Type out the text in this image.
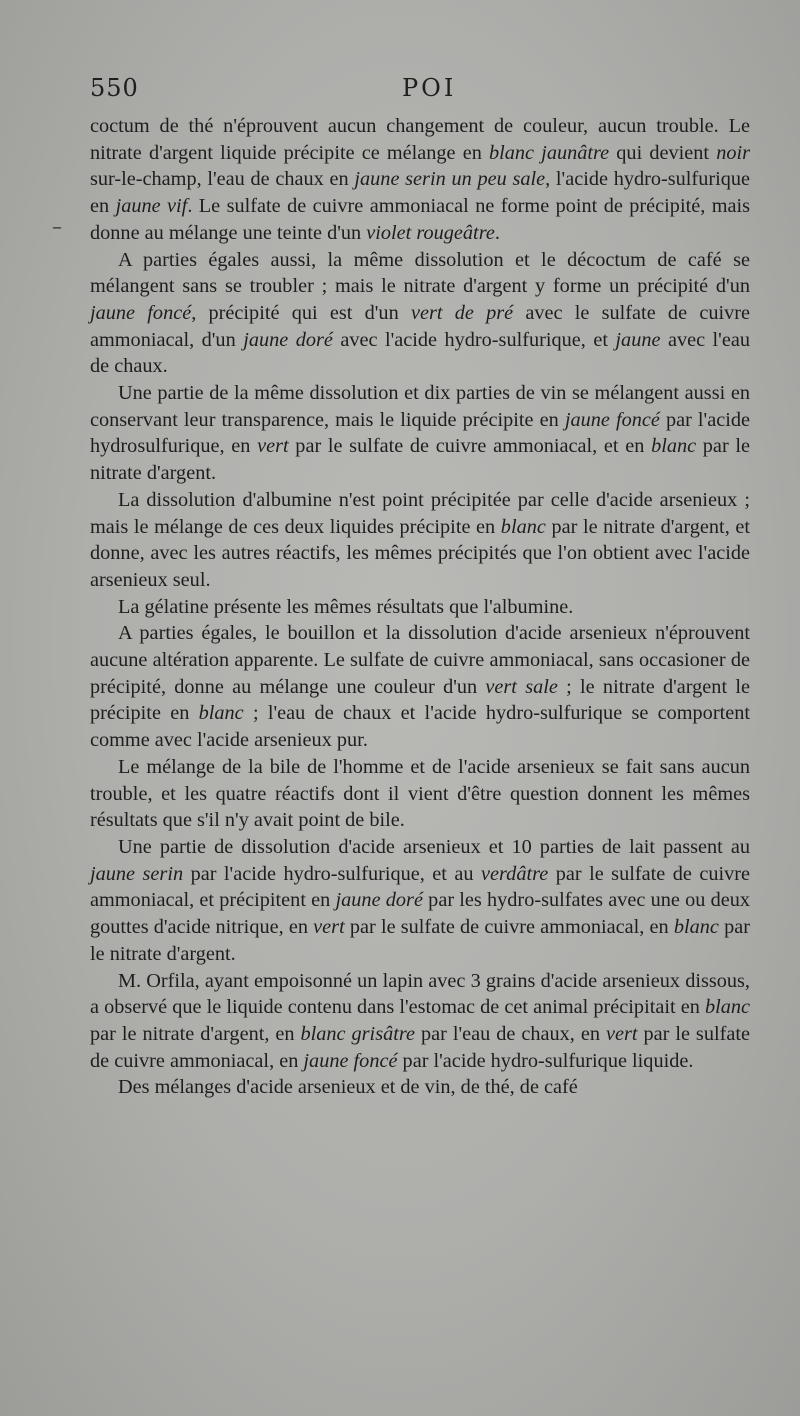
550	POI
–

coctum de thé n'éprouvent aucun changement de couleur, aucun trouble. Le nitrate d'argent liquide précipite ce mélange en blanc jaunâtre qui devient noir sur-le-champ, l'eau de chaux en jaune serin un peu sale, l'acide hydro-sulfurique en jaune vif. Le sulfate de cuivre ammoniacal ne forme point de précipité, mais donne au mélange une teinte d'un violet rougeâtre.

A parties égales aussi, la même dissolution et le décoctum de café se mélangent sans se troubler ; mais le nitrate d'argent y forme un précipité d'un jaune foncé, précipité qui est d'un vert de pré avec le sulfate de cuivre ammoniacal, d'un jaune doré avec l'acide hydro-sulfurique, et jaune avec l'eau de chaux.

Une partie de la même dissolution et dix parties de vin se mélangent aussi en conservant leur transparence, mais le liquide précipite en jaune foncé par l'acide hydrosulfurique, en vert par le sulfate de cuivre ammoniacal, et en blanc par le nitrate d'argent.

La dissolution d'albumine n'est point précipitée par celle d'acide arsenieux ; mais le mélange de ces deux liquides précipite en blanc par le nitrate d'argent, et donne, avec les autres réactifs, les mêmes précipités que l'on obtient avec l'acide arsenieux seul.

La gélatine présente les mêmes résultats que l'albumine.

A parties égales, le bouillon et la dissolution d'acide arsenieux n'éprouvent aucune altération apparente. Le sulfate de cuivre ammoniacal, sans occasioner de précipité, donne au mélange une couleur d'un vert sale ; le nitrate d'argent le précipite en blanc ; l'eau de chaux et l'acide hydro-sulfurique se comportent comme avec l'acide arsenieux pur.

Le mélange de la bile de l'homme et de l'acide arsenieux se fait sans aucun trouble, et les quatre réactifs dont il vient d'être question donnent les mêmes résultats que s'il n'y avait point de bile.

Une partie de dissolution d'acide arsenieux et 10 parties de lait passent au jaune serin par l'acide hydro-sulfurique, et au verdâtre par le sulfate de cuivre ammoniacal, et précipitent en jaune doré par les hydro-sulfates avec une ou deux gouttes d'acide nitrique, en vert par le sulfate de cuivre ammoniacal, en blanc par le nitrate d'argent.

M. Orfila, ayant empoisonné un lapin avec 3 grains d'acide arsenieux dissous, a observé que le liquide contenu dans l'estomac de cet animal précipitait en blanc par le nitrate d'argent, en blanc grisâtre par l'eau de chaux, en vert par le sulfate de cuivre ammoniacal, en jaune foncé par l'acide hydro-sulfurique liquide.

Des mélanges d'acide arsenieux et de vin, de thé, de café
